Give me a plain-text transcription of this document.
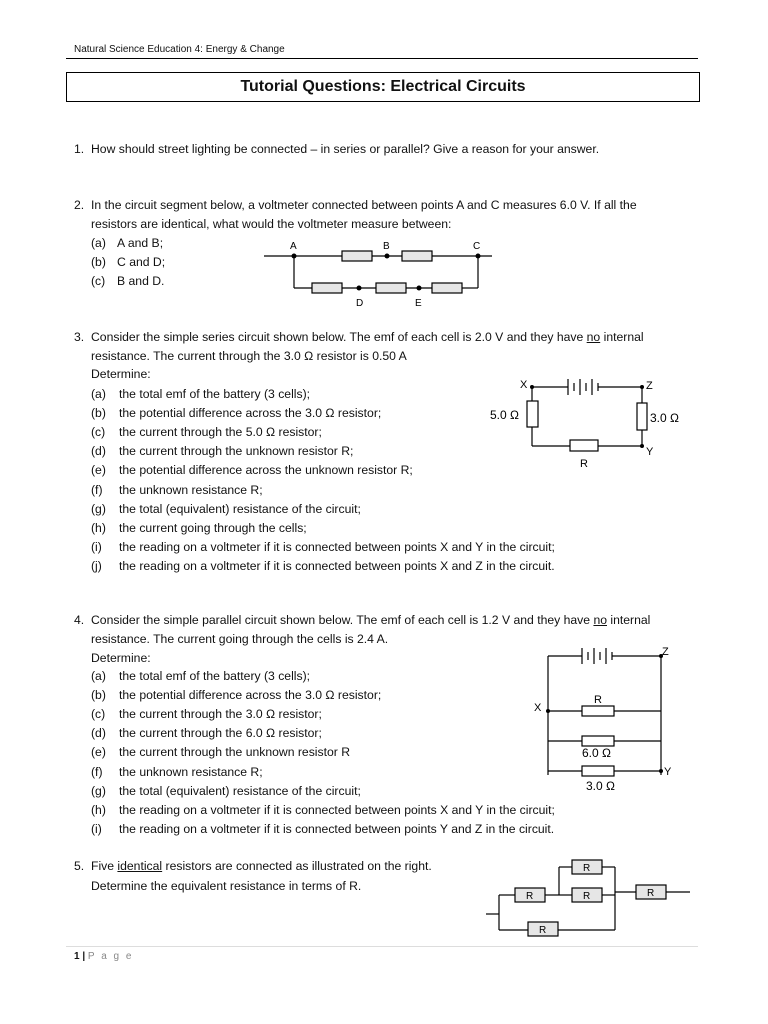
Natural Science Education 4: Energy & Change
Tutorial Questions: Electrical Circuits
1. How should street lighting be connected – in series or parallel? Give a reason for your answer.
2. In the circuit segment below, a voltmeter connected between points A and C measures 6.0 V. If all the
resistors are identical, what would the voltmeter measure between:
(a) A and B;
(b) C and D;
(c) B and D.
A	B	C
D	E
3. Consider the simple series circuit shown below. The emf of each cell is 2.0 V and they have no internal
resistance. The current through the 3.0 Ω resistor is 0.50 A
Determine:
(a) the total emf of the battery (3 cells);
(b) the potential difference across the 3.0 Ω resistor;
(c) the current through the 5.0 Ω resistor;
(d) the current through the unknown resistor R;
(e) the potential difference across the unknown resistor R;
(f) the unknown resistance R;
(g) the total (equivalent) resistance of the circuit;
(h) the current going through the cells;
(i) the reading on a voltmeter if it is connected between points X and Y in the circuit;
(j) the reading on a voltmeter if it is connected between points X and Z in the circuit.
X	Z
Y
R
5.0 Ω	3.0 Ω
4. Consider the simple parallel circuit shown below. The emf of each cell is 1.2 V and they have no internal
resistance. The current going through the cells is 2.4 A.
Determine:
(a) the total emf of the battery (3 cells);
(b) the potential difference across the 3.0 Ω resistor;
(c) the current through the 3.0 Ω resistor;
(d) the current through the 6.0 Ω resistor;
(e) the current through the unknown resistor R
(f) the unknown resistance R;
(g) the total (equivalent) resistance of the circuit;
(h) the reading on a voltmeter if it is connected between points X and Y in the circuit;
(i) the reading on a voltmeter if it is connected between points Y and Z in the circuit.
Z
X
Y
R
6.0 Ω
3.0 Ω
5. Five identical resistors are connected as illustrated on the right.
Determine the equivalent resistance in terms of R.
R
R
R
R
R
1 | P a g e
